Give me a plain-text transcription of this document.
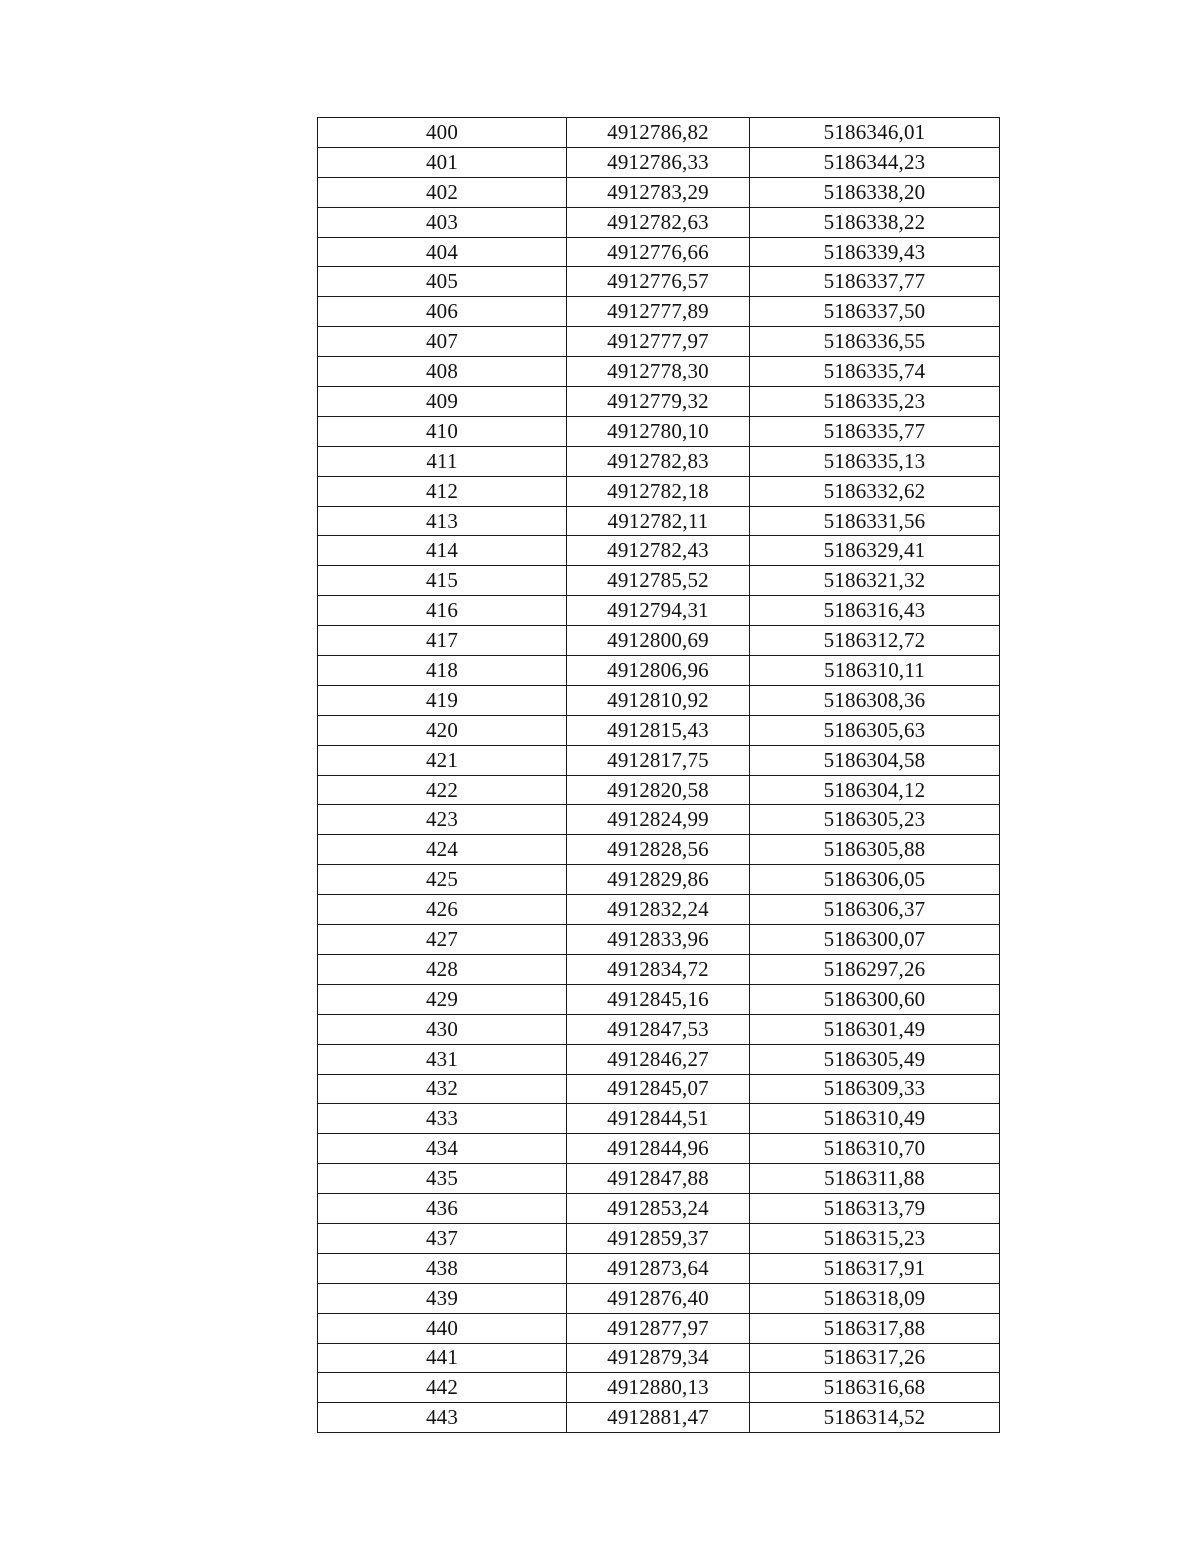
400	4912786,82	5186346,01
401	4912786,33	5186344,23
402	4912783,29	5186338,20
403	4912782,63	5186338,22
404	4912776,66	5186339,43
405	4912776,57	5186337,77
406	4912777,89	5186337,50
407	4912777,97	5186336,55
408	4912778,30	5186335,74
409	4912779,32	5186335,23
410	4912780,10	5186335,77
411	4912782,83	5186335,13
412	4912782,18	5186332,62
413	4912782,11	5186331,56
414	4912782,43	5186329,41
415	4912785,52	5186321,32
416	4912794,31	5186316,43
417	4912800,69	5186312,72
418	4912806,96	5186310,11
419	4912810,92	5186308,36
420	4912815,43	5186305,63
421	4912817,75	5186304,58
422	4912820,58	5186304,12
423	4912824,99	5186305,23
424	4912828,56	5186305,88
425	4912829,86	5186306,05
426	4912832,24	5186306,37
427	4912833,96	5186300,07
428	4912834,72	5186297,26
429	4912845,16	5186300,60
430	4912847,53	5186301,49
431	4912846,27	5186305,49
432	4912845,07	5186309,33
433	4912844,51	5186310,49
434	4912844,96	5186310,70
435	4912847,88	5186311,88
436	4912853,24	5186313,79
437	4912859,37	5186315,23
438	4912873,64	5186317,91
439	4912876,40	5186318,09
440	4912877,97	5186317,88
441	4912879,34	5186317,26
442	4912880,13	5186316,68
443	4912881,47	5186314,52
